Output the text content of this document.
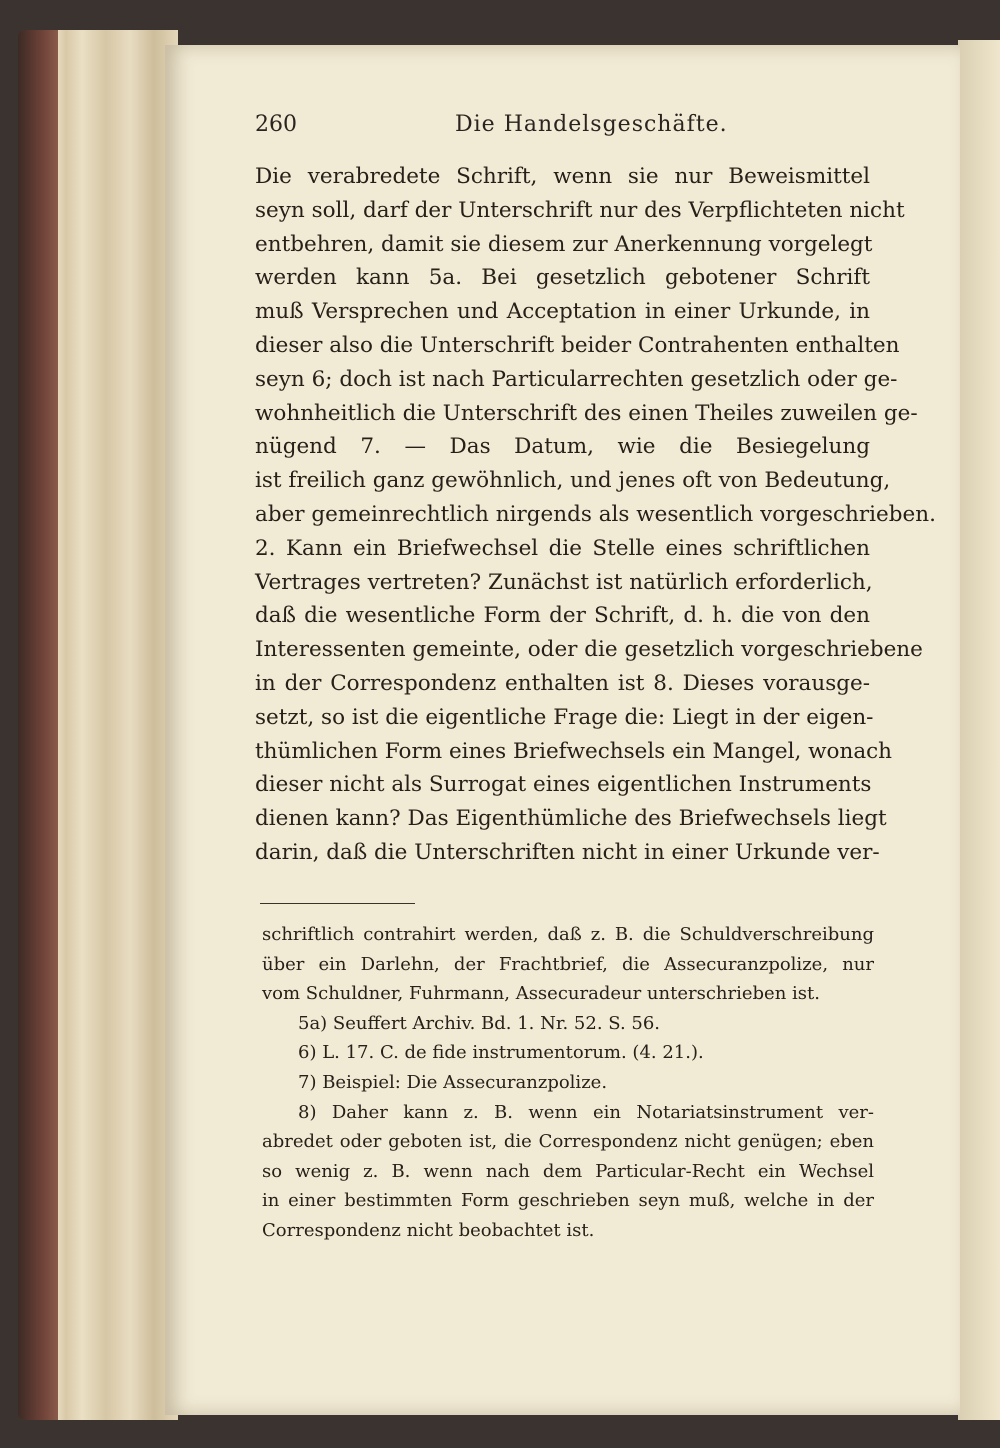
260	Die Handelsgeschäfte.
Die verabredete Schrift, wenn sie nur Beweismittel
seyn soll, darf der Unterschrift nur des Verpflichteten nicht
entbehren, damit sie diesem zur Anerkennung vorgelegt
werden kann 5a. Bei gesetzlich gebotener Schrift
muß Versprechen und Acceptation in einer Urkunde, in
dieser also die Unterschrift beider Contrahenten enthalten
seyn 6; doch ist nach Particularrechten gesetzlich oder ge-
wohnheitlich die Unterschrift des einen Theiles zuweilen ge-
nügend 7. — Das Datum, wie die Besiegelung
ist freilich ganz gewöhnlich, und jenes oft von Bedeutung,
aber gemeinrechtlich nirgends als wesentlich vorgeschrieben.
2. Kann ein Briefwechsel die Stelle eines schriftlichen
Vertrages vertreten? Zunächst ist natürlich erforderlich,
daß die wesentliche Form der Schrift, d. h. die von den
Interessenten gemeinte, oder die gesetzlich vorgeschriebene
in der Correspondenz enthalten ist 8. Dieses vorausge-
setzt, so ist die eigentliche Frage die: Liegt in der eigen-
thümlichen Form eines Briefwechsels ein Mangel, wonach
dieser nicht als Surrogat eines eigentlichen Instruments
dienen kann? Das Eigenthümliche des Briefwechsels liegt
darin, daß die Unterschriften nicht in einer Urkunde ver-
schriftlich contrahirt werden, daß z. B. die Schuldverschreibung
über ein Darlehn, der Frachtbrief, die Assecuranzpolize, nur
vom Schuldner, Fuhrmann, Assecuradeur unterschrieben ist.
5a) Seuffert Archiv. Bd. 1. Nr. 52. S. 56.
6) L. 17. C. de fide instrumentorum. (4. 21.).
7) Beispiel: Die Assecuranzpolize.
8) Daher kann z. B. wenn ein Notariatsinstrument ver-
abredet oder geboten ist, die Correspondenz nicht genügen; eben
so wenig z. B. wenn nach dem Particular-Recht ein Wechsel
in einer bestimmten Form geschrieben seyn muß, welche in der
Correspondenz nicht beobachtet ist.
